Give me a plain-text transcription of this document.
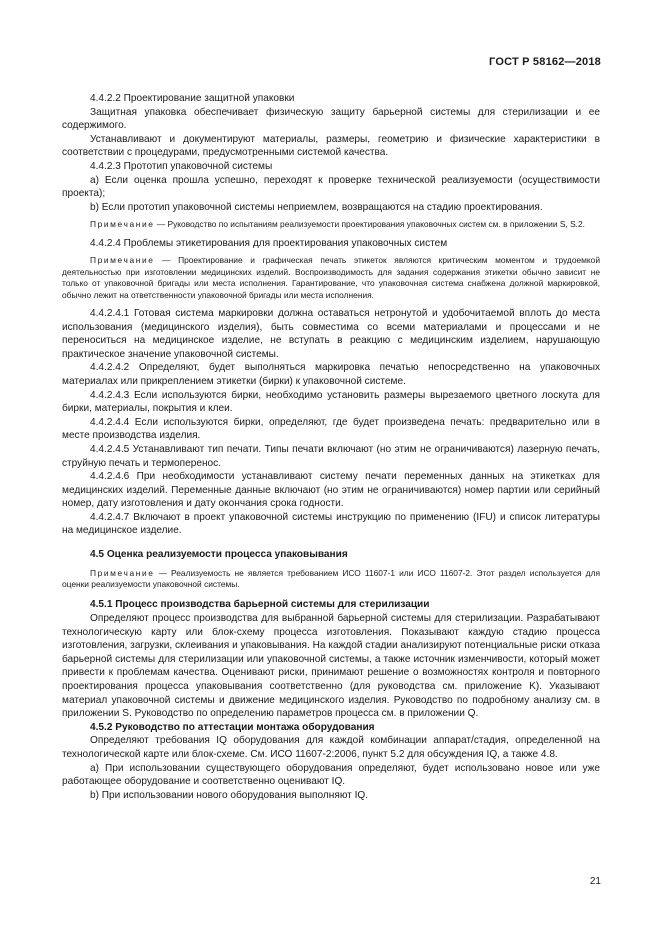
ГОСТ Р 58162—2018

4.4.2.2 Проектирование защитной упаковки

Защитная упаковка обеспечивает физическую защиту барьерной системы для стерилизации и ее содержимого.

Устанавливают и документируют материалы, размеры, геометрию и физические характеристики в соответствии с процедурами, предусмотренными системой качества.

4.4.2.3 Прототип упаковочной системы

a) Если оценка прошла успешно, переходят к проверке технической реализуемости (осуществимости проекта);

b) Если прототип упаковочной системы неприемлем, возвращаются на стадию проектирования.

Примечание — Руководство по испытаниям реализуемости проектирования упаковочных систем см. в приложении S, S.2.

4.4.2.4 Проблемы этикетирования для проектирования упаковочных систем

Примечание — Проектирование и графическая печать этикеток являются критическим моментом и трудоемкой деятельностью при изготовлении медицинских изделий. Воспроизводимость для задания содержания этикетки обычно зависит не только от упаковочной бригады или места исполнения. Гарантирование, что упаковочная система снабжена должной маркировкой, обычно лежит на ответственности упаковочной бригады или места исполнения.

4.4.2.4.1 Готовая система маркировки должна оставаться нетронутой и удобочитаемой вплоть до места использования (медицинского изделия), быть совместима со всеми материалами и процессами и не переноситься на медицинское изделие, не вступать в реакцию с медицинским изделием, нарушающую практическое значение упаковочной системы.

4.4.2.4.2 Определяют, будет выполняться маркировка печатью непосредственно на упаковочных материалах или прикреплением этикетки (бирки) к упаковочной системе.

4.4.2.4.3 Если используются бирки, необходимо установить размеры вырезаемого цветного лоскута для бирки, материалы, покрытия и клеи.

4.4.2.4.4 Если используются бирки, определяют, где будет произведена печать: предварительно или в месте производства изделия.

4.4.2.4.5 Устанавливают тип печати. Типы печати включают (но этим не ограничиваются) лазерную печать, струйную печать и термоперенос.

4.4.2.4.6 При необходимости устанавливают систему печати переменных данных на этикетках для медицинских изделий. Переменные данные включают (но этим не ограничиваются) номер партии или серийный номер, дату изготовления и дату окончания срока годности.

4.4.2.4.7 Включают в проект упаковочной системы инструкцию по применению (IFU) и список литературы на медицинское изделие.

4.5 Оценка реализуемости процесса упаковывания

Примечание — Реализуемость не является требованием ИСО 11607-1 или ИСО 11607-2. Этот раздел используется для оценки реализуемости упаковочной системы.

4.5.1 Процесс производства барьерной системы для стерилизации

Определяют процесс производства для выбранной барьерной системы для стерилизации. Разрабатывают технологическую карту или блок-схему процесса изготовления. Показывают каждую стадию процесса изготовления, загрузки, склеивания и упаковывания. На каждой стадии анализируют потенциальные риски отказа барьерной системы для стерилизации или упаковочной системы, а также источник изменчивости, который может привести к проблемам качества. Оценивают риски, принимают решение о возможностях контроля и повторного проектирования процесса упаковывания соответственно (для руководства см. приложение K). Указывают материал упаковочной системы и движение медицинского изделия. Руководство по подробному анализу см. в приложении S. Руководство по определению параметров процесса см. в приложении Q.

4.5.2 Руководство по аттестации монтажа оборудования

Определяют требования IQ оборудования для каждой комбинации аппарат/стадия, определенной на технологической карте или блок-схеме. См. ИСО 11607-2:2006, пункт 5.2 для обсуждения IQ, а также 4.8.

a) При использовании существующего оборудования определяют, будет использовано новое или уже работающее оборудование и соответственно оценивают IQ.

b) При использовании нового оборудования выполняют IQ.

21
